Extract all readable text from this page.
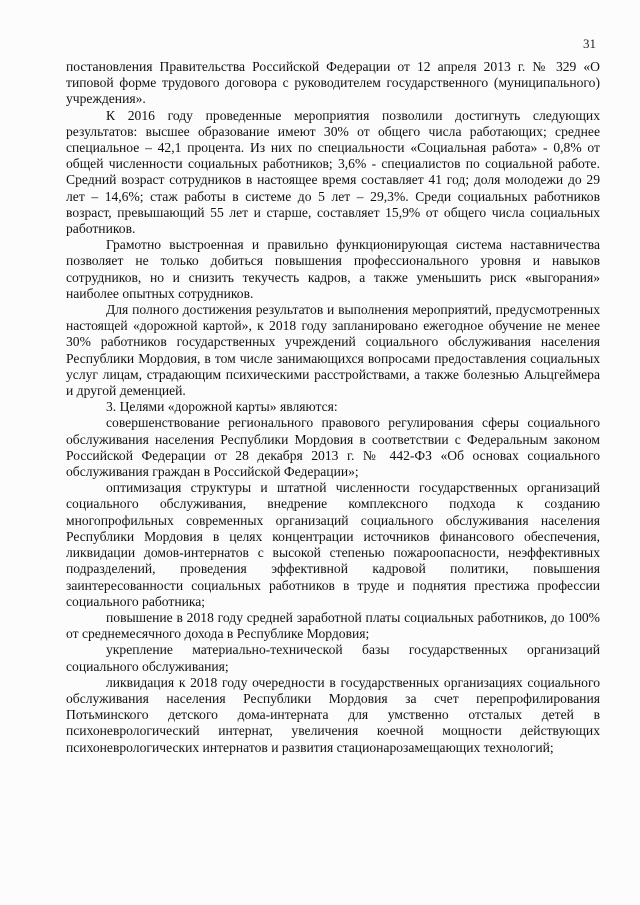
31

постановления Правительства Российской Федерации от 12 апреля 2013 г. № 329 «О типовой форме трудового договора с руководителем государственного (муниципального) учреждения».

К 2016 году проведенные мероприятия позволили достигнуть следующих результатов: высшее образование имеют 30% от общего числа работающих; среднее специальное – 42,1 процента. Из них по специальности «Социальная работа» - 0,8% от общей численности социальных работников; 3,6% - специалистов по социальной работе. Средний возраст сотрудников в настоящее время составляет 41 год; доля молодежи до 29 лет – 14,6%; стаж работы в системе до 5 лет – 29,3%. Среди социальных работников возраст, превышающий 55 лет и старше, составляет 15,9% от общего числа социальных работников.

Грамотно выстроенная и правильно функционирующая система наставничества позволяет не только добиться повышения профессионального уровня и навыков сотрудников, но и снизить текучесть кадров, а также уменьшить риск «выгорания» наиболее опытных сотрудников.

Для полного достижения результатов и выполнения мероприятий, предусмотренных настоящей «дорожной картой», к 2018 году запланировано ежегодное обучение не менее 30% работников государственных учреждений социального обслуживания населения Республики Мордовия, в том числе занимающихся вопросами предоставления социальных услуг лицам, страдающим психическими расстройствами, а также болезнью Альцгеймера и другой деменцией.

3. Целями «дорожной карты» являются:

совершенствование регионального правового регулирования сферы социального обслуживания населения Республики Мордовия в соответствии с Федеральным законом Российской Федерации от 28 декабря 2013 г. № 442-ФЗ «Об основах социального обслуживания граждан в Российской Федерации»;

оптимизация структуры и штатной численности государственных организаций социального обслуживания, внедрение комплексного подхода к созданию многопрофильных современных организаций социального обслуживания населения Республики Мордовия в целях концентрации источников финансового обеспечения, ликвидации домов-интернатов с высокой степенью пожароопасности, неэффективных подразделений, проведения эффективной кадровой политики, повышения заинтересованности социальных работников в труде и поднятия престижа профессии социального работника;

повышение в 2018 году средней заработной платы социальных работников, до 100% от среднемесячного дохода в Республике Мордовия;

укрепление материально-технической базы государственных организаций социального обслуживания;

ликвидация к 2018 году очередности в государственных организациях социального обслуживания населения Республики Мордовия за счет перепрофилирования Потьминского детского дома-интерната для умственно отсталых детей в психоневрологический интернат, увеличения коечной мощности действующих психоневрологических интернатов и развития стационарозамещающих технологий;
